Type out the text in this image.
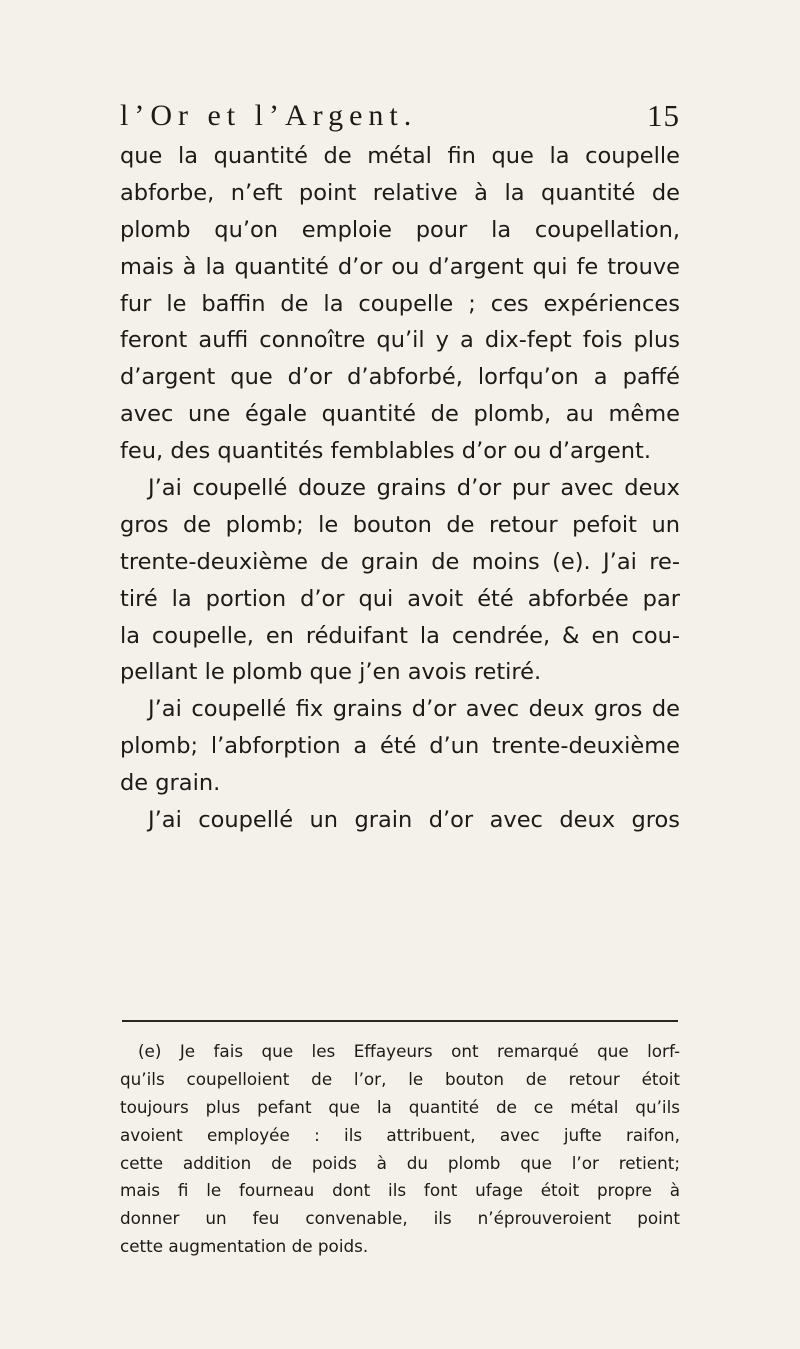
l’Or et l’Argent.	15
que la quantité de métal fin que la coupelle
abforbe, n’eft point relative à la quantité de
plomb qu’on emploie pour la coupellation,
mais à la quantité d’or ou d’argent qui fe trouve
fur le baffin de la coupelle ; ces expériences
feront auffi connoître qu’il y a dix-fept fois plus
d’argent que d’or d’abforbé, lorfqu’on a paffé
avec une égale quantité de plomb, au même
feu, des quantités femblables d’or ou d’argent.
J’ai coupellé douze grains d’or pur avec deux
gros de plomb; le bouton de retour pefoit un
trente-deuxième de grain de moins (e). J’ai re-
tiré la portion d’or qui avoit été abforbée par
la coupelle, en réduifant la cendrée, & en cou-
pellant le plomb que j’en avois retiré.
J’ai coupellé fix grains d’or avec deux gros de
plomb; l’abforption a été d’un trente-deuxième
de grain.
J’ai coupellé un grain d’or avec deux gros
(e) Je fais que les Effayeurs ont remarqué que lorf-
qu’ils coupelloient de l’or, le bouton de retour étoit
toujours plus pefant que la quantité de ce métal qu’ils
avoient employée : ils attribuent, avec jufte raifon,
cette addition de poids à du plomb que l’or retient;
mais fi le fourneau dont ils font ufage étoit propre à
donner un feu convenable, ils n’éprouveroient point
cette augmentation de poids.
